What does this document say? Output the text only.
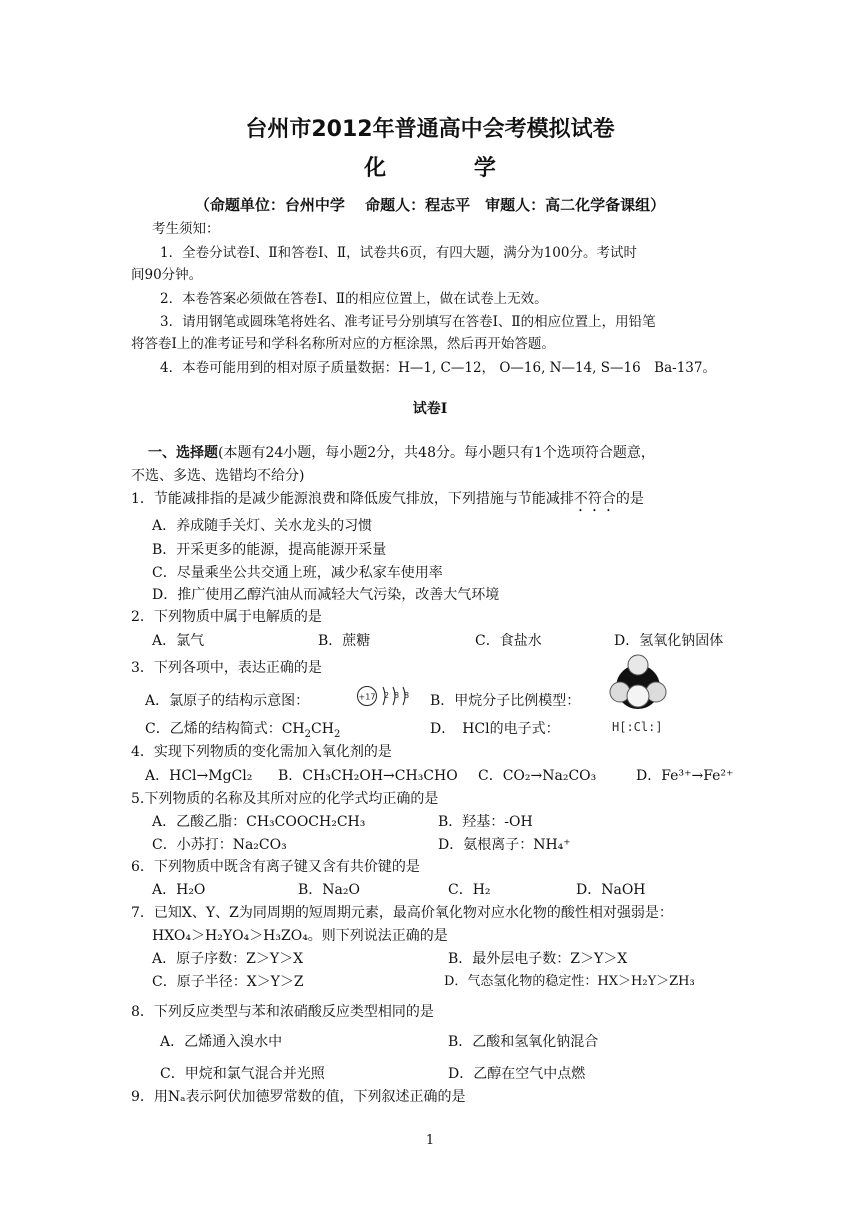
台州市2012年普通高中会考模拟试卷
化 学
（命题单位：台州中学　 命题人：程志平　审题人：高二化学备课组）
考生须知：
1．全卷分试卷Ⅰ、Ⅱ和答卷Ⅰ、Ⅱ，试卷共6页，有四大题，满分为100分。考试时
间90分钟。
2．本卷答案必须做在答卷Ⅰ、Ⅱ的相应位置上，做在试卷上无效。
3．请用钢笔或圆珠笔将姓名、准考证号分别填写在答卷Ⅰ、Ⅱ的相应位置上，用铅笔
将答卷Ⅰ上的准考证号和学科名称所对应的方框涂黑，然后再开始答题。
4．本卷可能用到的相对原子质量数据：H—1, C—12， O—16, N—14, S—16　Ba-137。
试卷Ⅰ
一、选择题(本题有24小题，每小题2分，共48分。每小题只有1个选项符合题意，
不选、多选、选错均不给分)
1．节能减排指的是减少能源浪费和降低废气排放，下列措施与节能减排不符合的是
A．养成随手关灯、关水龙头的习惯
B．开采更多的能源，提高能源开采量
C．尽量乘坐公共交通上班，减少私家车使用率
D．推广使用乙醇汽油从而减轻大气污染，改善大气环境
2．下列物质中属于电解质的是
A．氯气	B．蔗糖	C．食盐水	D．氢氧化钠固体
3．下列各项中，表达正确的是
A．氯原子的结构示意图：	+17 2 8 8 B．甲烷分子比例模型：
C．乙烯的结构简式：$CH_2CH_2$	D．　HCl的电子式：	H[:Cl:]
4．实现下列物质的变化需加入氧化剂的是
A．HCl→MgCl₂ B．CH₃CH₂OH→CH₃CHO C．CO₂→Na₂CO₃	D．Fe³⁺→Fe²⁺
5.下列物质的名称及其所对应的化学式均正确的是
A．乙酸乙脂：CH₃COOCH₂CH₃	B．羟基：-OH
C．小苏打：Na₂CO₃	D．氨根离子：NH₄⁺
6．下列物质中既含有离子键又含有共价键的是
A．H₂O	B．Na₂O	C．H₂	D．NaOH
7．已知X、Y、Z为同周期的短周期元素，最高价氧化物对应水化物的酸性相对强弱是：
HXO₄＞H₂YO₄＞H₃ZO₄。则下列说法正确的是
A．原子序数：Z＞Y＞X	B．最外层电子数：Z＞Y＞X
C．原子半径：X＞Y＞Z	D．气态氢化物的稳定性：HX＞H₂Y＞ZH₃
8．下列反应类型与苯和浓硝酸反应类型相同的是
A．乙烯通入溴水中	B．乙酸和氢氧化钠混合
C．甲烷和氯气混合并光照	D．乙醇在空气中点燃
9．用Nₐ表示阿伏加德罗常数的值，下列叙述正确的是
1
